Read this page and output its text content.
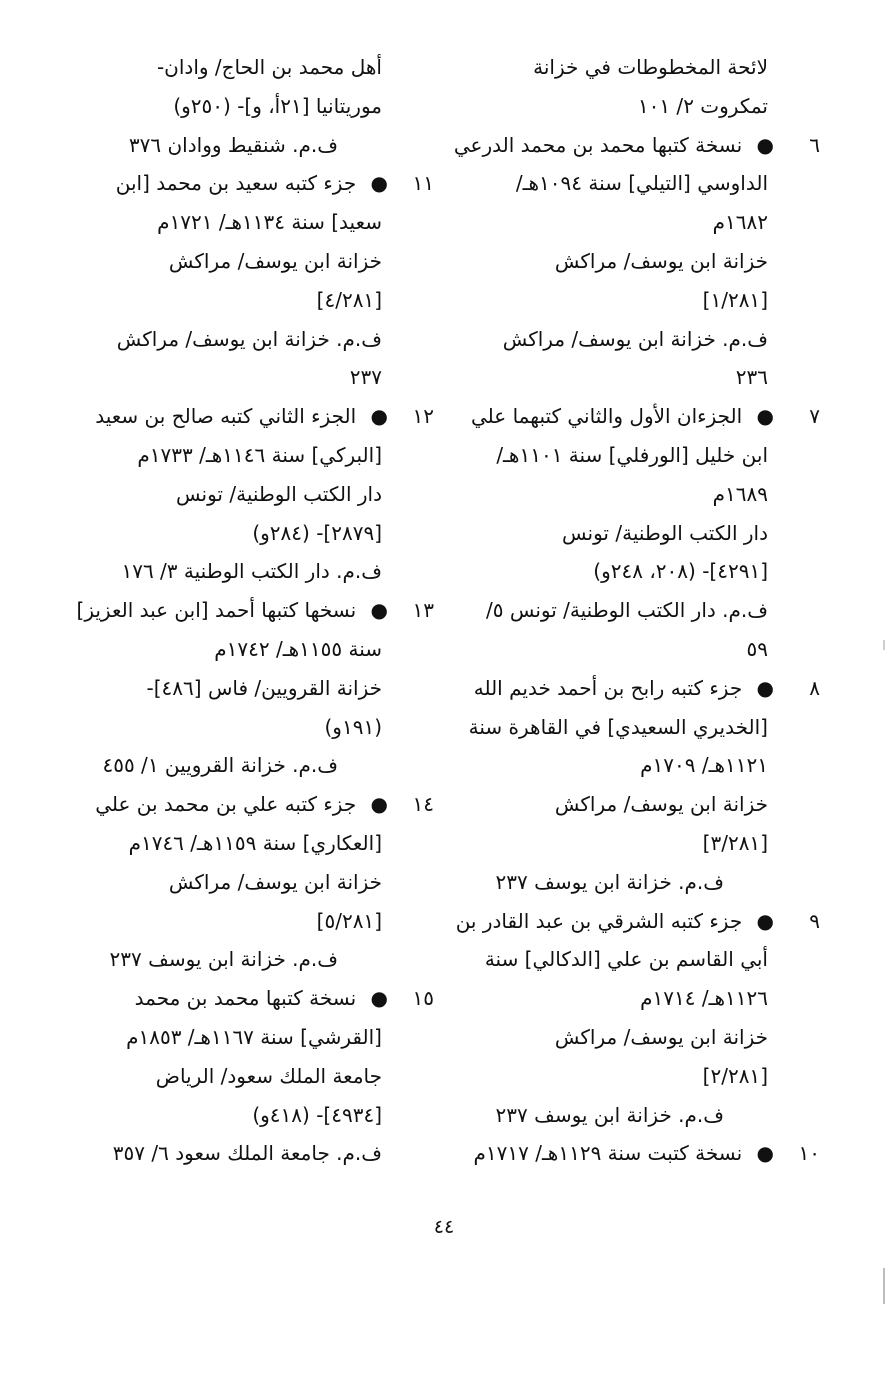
لائحة المخطوطات في خزانة
تمكروت ٢/ ١٠١
٦● نسخة كتبها محمد بن محمد الدرعي
الداوسي [التيلي] سنة ١٠٩٤هـ/
١٦٨٢م
خزانة ابن يوسف/ مراكش
[١/٢٨١]
ف.م. خزانة ابن يوسف/ مراكش
٢٣٦
٧● الجزءان الأول والثاني كتبهما علي
ابن خليل [الورفلي] سنة ١١٠١هـ/
١٦٨٩م
دار الكتب الوطنية/ تونس
[٤٢٩١]- (٢٠٨، ٢٤٨و)
ف.م. دار الكتب الوطنية/ تونس ٥/
٥٩
٨● جزء كتبه رابح بن أحمد خديم الله
[الخديري السعيدي] في القاهرة سنة
١١٢١هـ/ ١٧٠٩م
خزانة ابن يوسف/ مراكش
[٣/٢٨١]
ف.م. خزانة ابن يوسف ٢٣٧
٩● جزء كتبه الشرقي بن عبد القادر بن
أبي القاسم بن علي [الدكالي] سنة
١١٢٦هـ/ ١٧١٤م
خزانة ابن يوسف/ مراكش
[٢/٢٨١]
ف.م. خزانة ابن يوسف ٢٣٧
١٠● نسخة كتبت سنة ١١٢٩هـ/ ١٧١٧م
أهل محمد بن الحاج/ وادان-
موريتانيا [٢١أ، و]- (٢٥٠و)
ف.م. شنقيط ووادان ٣٧٦
١١● جزء كتبه سعيد بن محمد [ابن
سعيد] سنة ١١٣٤هـ/ ١٧٢١م
خزانة ابن يوسف/ مراكش
[٤/٢٨١]
ف.م. خزانة ابن يوسف/ مراكش
٢٣٧
١٢● الجزء الثاني كتبه صالح بن سعيد
[البركي] سنة ١١٤٦هـ/ ١٧٣٣م
دار الكتب الوطنية/ تونس
[٢٨٧٩]- (٢٨٤و)
ف.م. دار الكتب الوطنية ٣/ ١٧٦
١٣● نسخها كتبها أحمد [ابن عبد العزيز]
سنة ١١٥٥هـ/ ١٧٤٢م
خزانة القرويين/ فاس [٤٨٦]-
(١٩١و)
ف.م. خزانة القرويين ١/ ٤٥٥
١٤● جزء كتبه علي بن محمد بن علي
[العكاري] سنة ١١٥٩هـ/ ١٧٤٦م
خزانة ابن يوسف/ مراكش
[٥/٢٨١]
ف.م. خزانة ابن يوسف ٢٣٧
١٥● نسخة كتبها محمد بن محمد
[القرشي] سنة ١١٦٧هـ/ ١٨٥٣م
جامعة الملك سعود/ الرياض
[٤٩٣٤]- (٤١٨و)
ف.م. جامعة الملك سعود ٦/ ٣٥٧
٤٤
